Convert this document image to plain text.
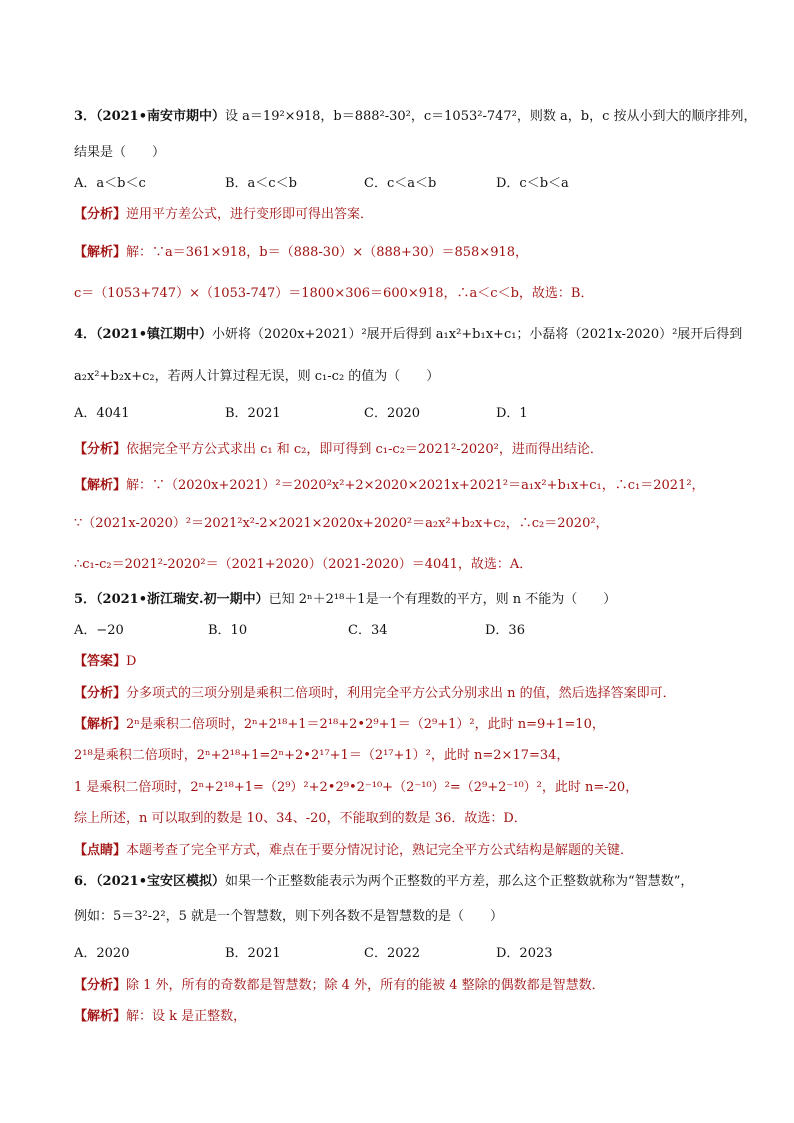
3．（2021•南安市期中）设 a＝19²×918，b＝888²-30²，c＝1053²-747²，则数 a，b，c 按从小到大的顺序排列，
结果是（　　）
A．a＜b＜c	B．a＜c＜b	C．c＜a＜b	D．c＜b＜a
【分析】逆用平方差公式，进行变形即可得出答案．
【解析】解：∵a＝361×918，b＝（888-30）×（888+30）＝858×918，
c＝（1053+747）×（1053-747）＝1800×306＝600×918，∴a＜c＜b，故选：B．
4．（2021•镇江期中）小妍将（2020x+2021）²展开后得到 a₁x²+b₁x+c₁；小磊将（2021x-2020）²展开后得到
a₂x²+b₂x+c₂，若两人计算过程无误，则 c₁-c₂ 的值为（　　）
A．4041	B．2021	C．2020	D．1
【分析】依据完全平方公式求出 c₁ 和 c₂，即可得到 c₁-c₂＝2021²-2020²，进而得出结论．
【解析】解：∵（2020x+2021）²＝2020²x²+2×2020×2021x+2021²＝a₁x²+b₁x+c₁，∴c₁＝2021²，
∵（2021x-2020）²＝2021²x²-2×2021×2020x+2020²＝a₂x²+b₂x+c₂，∴c₂＝2020²，
∴c₁-c₂＝2021²-2020²＝（2021+2020）（2021-2020）＝4041，故选：A．
5．（2021•浙江瑞安.初一期中）已知 2ⁿ＋2¹⁸＋1是一个有理数的平方，则 n 不能为（　　）
A．−20	B．10	C．34	D．36
【答案】D
【分析】分多项式的三项分别是乘积二倍项时，利用完全平方公式分别求出 n 的值，然后选择答案即可．
【解析】2ⁿ是乘积二倍项时，2ⁿ+2¹⁸+1＝2¹⁸+2•2⁹+1＝（2⁹+1）²，此时 n=9+1=10，
2¹⁸是乘积二倍项时，2ⁿ+2¹⁸+1=2ⁿ+2•2¹⁷+1＝（2¹⁷+1）²，此时 n=2×17=34，
1 是乘积二倍项时，2ⁿ+2¹⁸+1=（2⁹）²+2•2⁹•2⁻¹⁰+（2⁻¹⁰）²=（2⁹+2⁻¹⁰）²，此时 n=-20，
综上所述，n 可以取到的数是 10、34、-20，不能取到的数是 36．故选：D．
【点睛】本题考查了完全平方式，难点在于要分情况讨论，熟记完全平方公式结构是解题的关键．
6．（2021•宝安区模拟）如果一个正整数能表示为两个正整数的平方差，那么这个正整数就称为“智慧数”，
例如：5＝3²-2²，5 就是一个智慧数，则下列各数不是智慧数的是（　　）
A．2020	B．2021	C．2022	D．2023
【分析】除 1 外，所有的奇数都是智慧数；除 4 外，所有的能被 4 整除的偶数都是智慧数．
【解析】解：设 k 是正整数，
